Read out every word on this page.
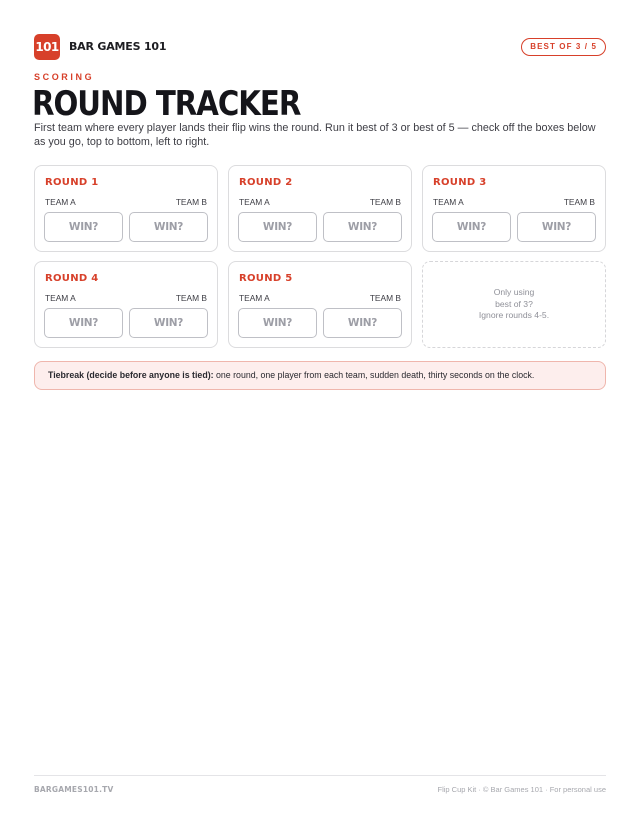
101 BAR GAMES 101	BEST OF 3 / 5
SCORING
ROUND TRACKER
First team where every player lands their flip wins the round. Run it best of 3 or best of 5 — check off the boxes below as you go, top to bottom, left to right.
ROUND 1
TEAM A	TEAM B
WIN?	WIN?
ROUND 2
TEAM A	TEAM B
WIN?	WIN?
ROUND 3
TEAM A	TEAM B
WIN?	WIN?
ROUND 4
TEAM A	TEAM B
WIN?	WIN?
ROUND 5
TEAM A	TEAM B
WIN?	WIN?
Only using
best of 3?
Ignore rounds 4-5.
Tiebreak (decide before anyone is tied): one round, one player from each team, sudden death, thirty seconds on the clock.
BARGAMES101.TV	Flip Cup Kit · © Bar Games 101 · For personal use
